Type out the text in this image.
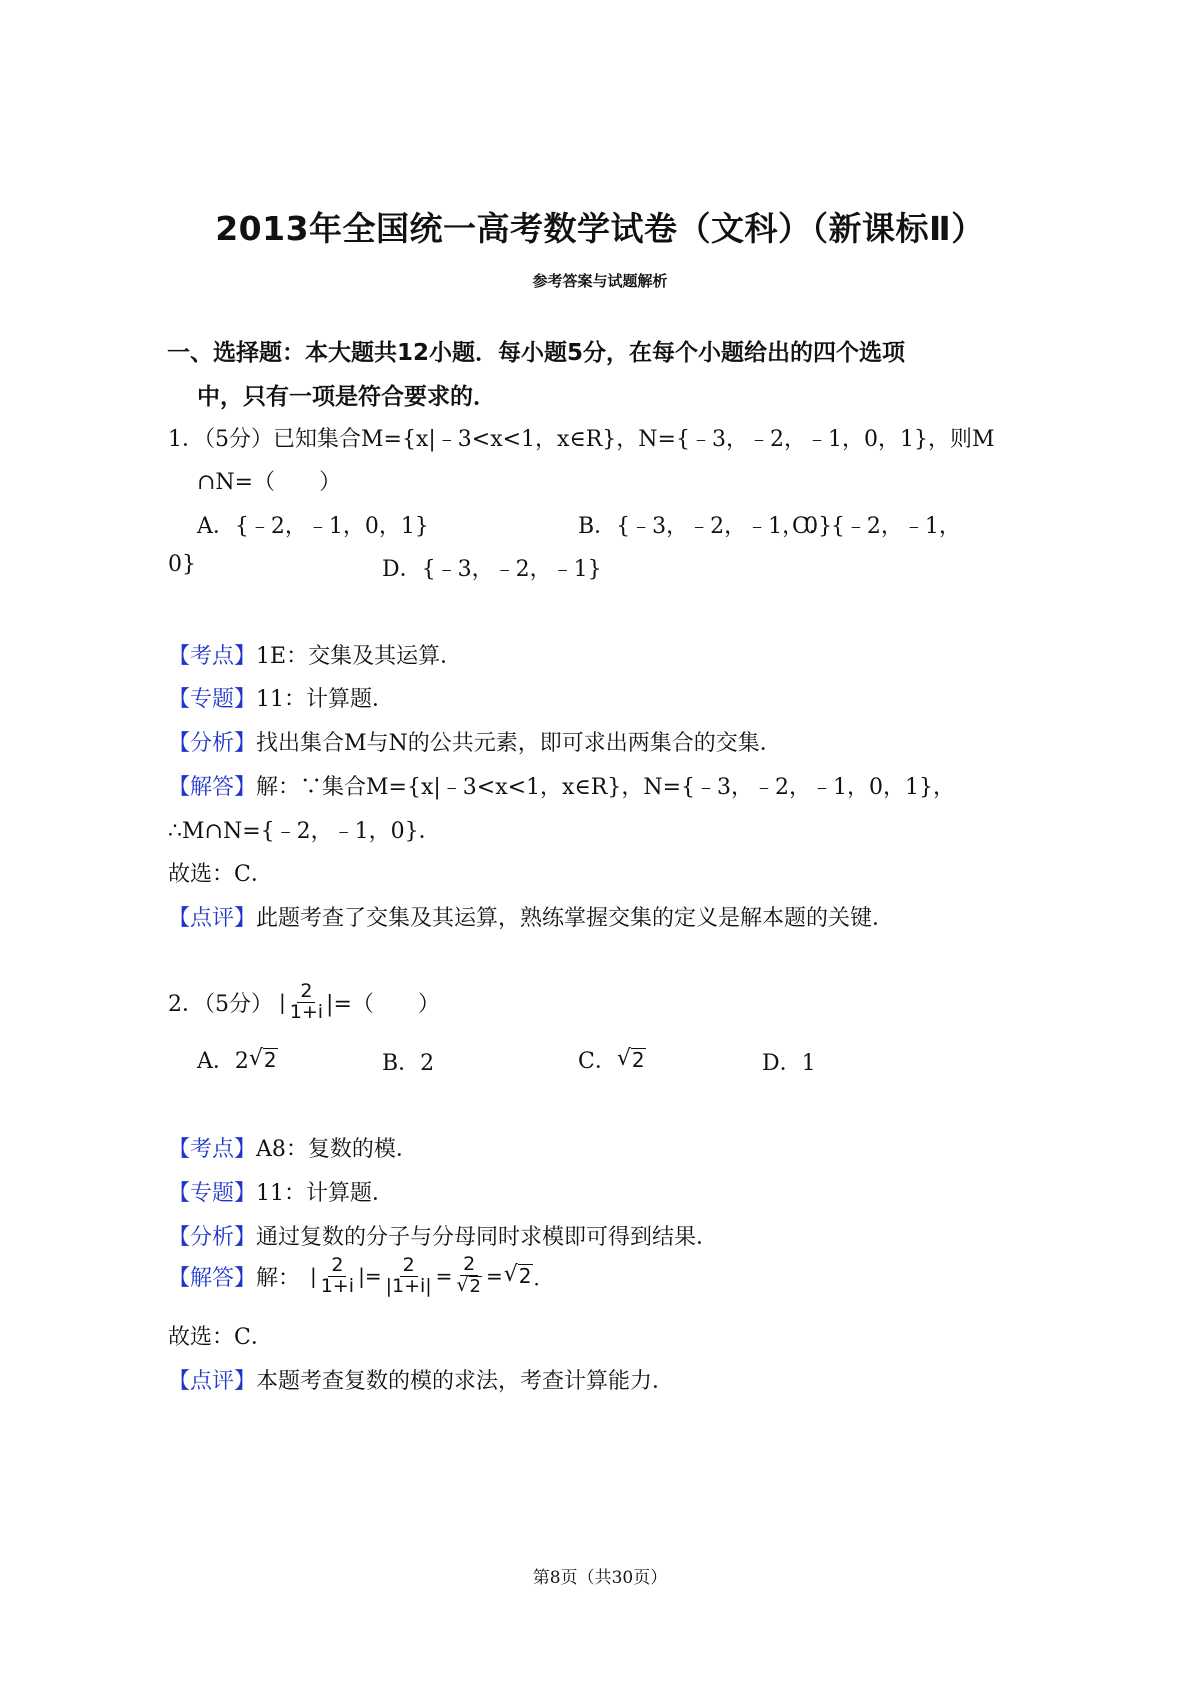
2013年全国统一高考数学试卷（文科）（新课标Ⅱ）
参考答案与试题解析
一、选择题：本大题共12小题．每小题5分，在每个小题给出的四个选项
中，只有一项是符合要求的．
1．（5分）已知集合M={x|﹣3<x<1，x∈R}，N={﹣3，﹣2，﹣1，0，1}，则M
∩N=（　　）
A．{﹣2，﹣1，0，1}	B．{﹣3，﹣2，﹣1，0}
C．{﹣2，﹣1，
0}	D．{﹣3，﹣2，﹣1}
【考点】1E：交集及其运算．
【专题】11：计算题．
【分析】找出集合M与N的公共元素，即可求出两集合的交集．
【解答】解：∵集合M={x|﹣3<x<1，x∈R}，N={﹣3，﹣2，﹣1，0，1}，
∴M∩N={﹣2，﹣1，0}．
故选：C．
【点评】此题考查了交集及其运算，熟练掌握交集的定义是解本题的关键．
2．（5分） | $\frac{2}{1+i}$ |=（　　）
A．2 √ 2	B．2	C． √ 2	D．1
【考点】A8：复数的模．
【专题】11：计算题．
【分析】通过复数的分子与分母同时求模即可得到结果．
【解答】 解： | $\frac{2}{1+i}$ |= $\frac{2}{|1+i|} = \frac{2}{√ 2}$ = √ 2 ．
故选：C．
【点评】本题考查复数的模的求法，考查计算能力．
第8页（共30页）
